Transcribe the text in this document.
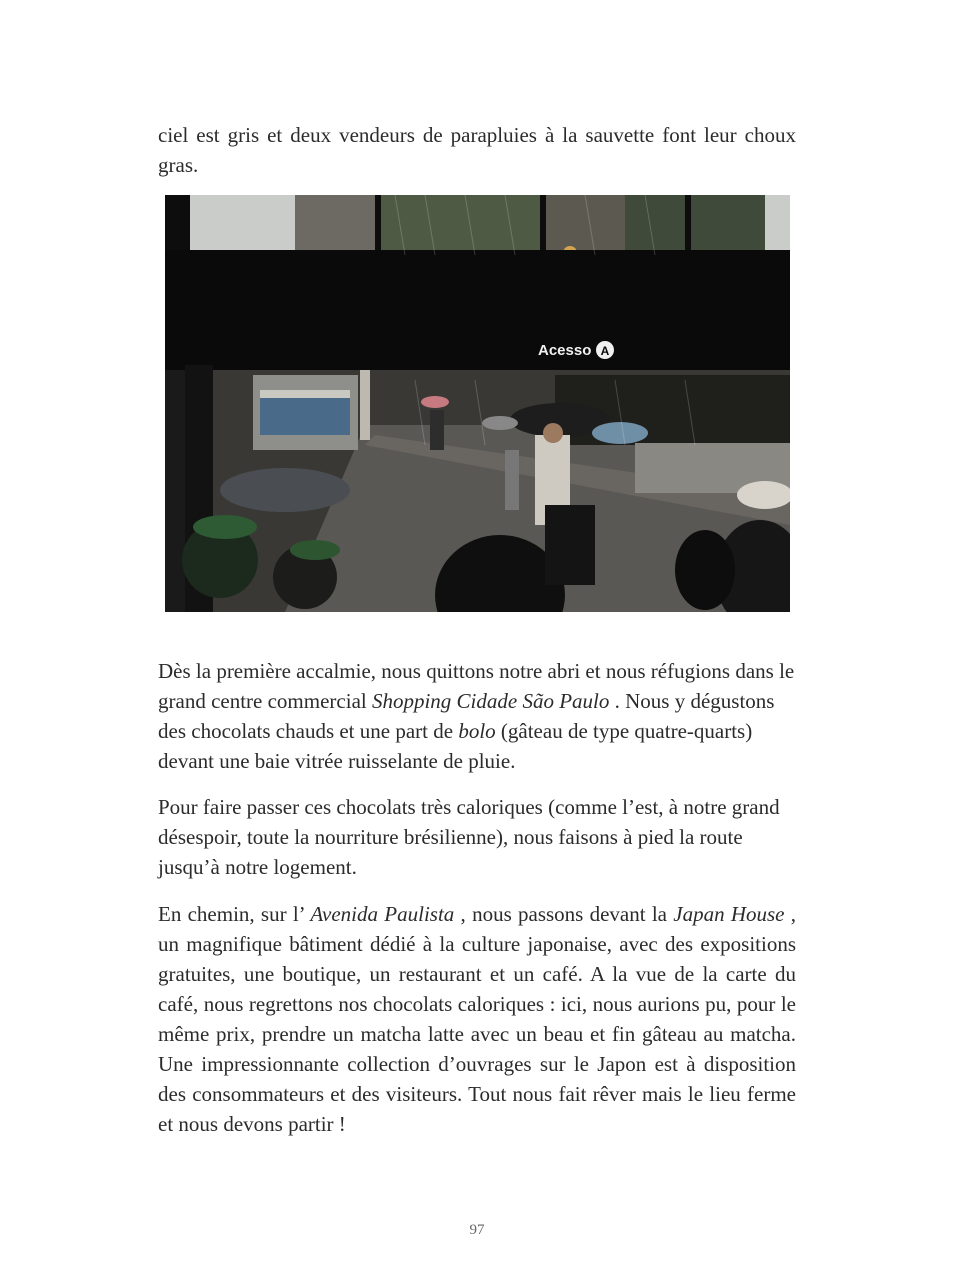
ciel est gris et deux vendeurs de parapluies à la sauvette font leur choux gras.

Acesso A

Dès la première accalmie, nous quittons notre abri et nous réfugions dans le grand centre commercial Shopping Cidade São Paulo . Nous y dégustons des chocolats chauds et une part de bolo (gâteau de type quatre-quarts) devant une baie vitrée ruisselante de pluie.

Pour faire passer ces chocolats très caloriques (comme l’est, à notre grand désespoir, toute la nourriture brésilienne), nous faisons à pied la route jusqu’à notre logement.

En chemin, sur l’ Avenida Paulista , nous passons devant la Japan House , un magnifique bâtiment dédié à la culture japonaise, avec des expositions gratuites, une boutique, un restaurant et un café. A la vue de la carte du café, nous regrettons nos chocolats caloriques : ici, nous aurions pu, pour le même prix, prendre un matcha latte avec un beau et fin gâteau au matcha. Une impressionnante collection d’ouvrages sur le Japon est à disposition des consommateurs et des visiteurs. Tout nous fait rêver mais le lieu ferme et nous devons partir !

97
